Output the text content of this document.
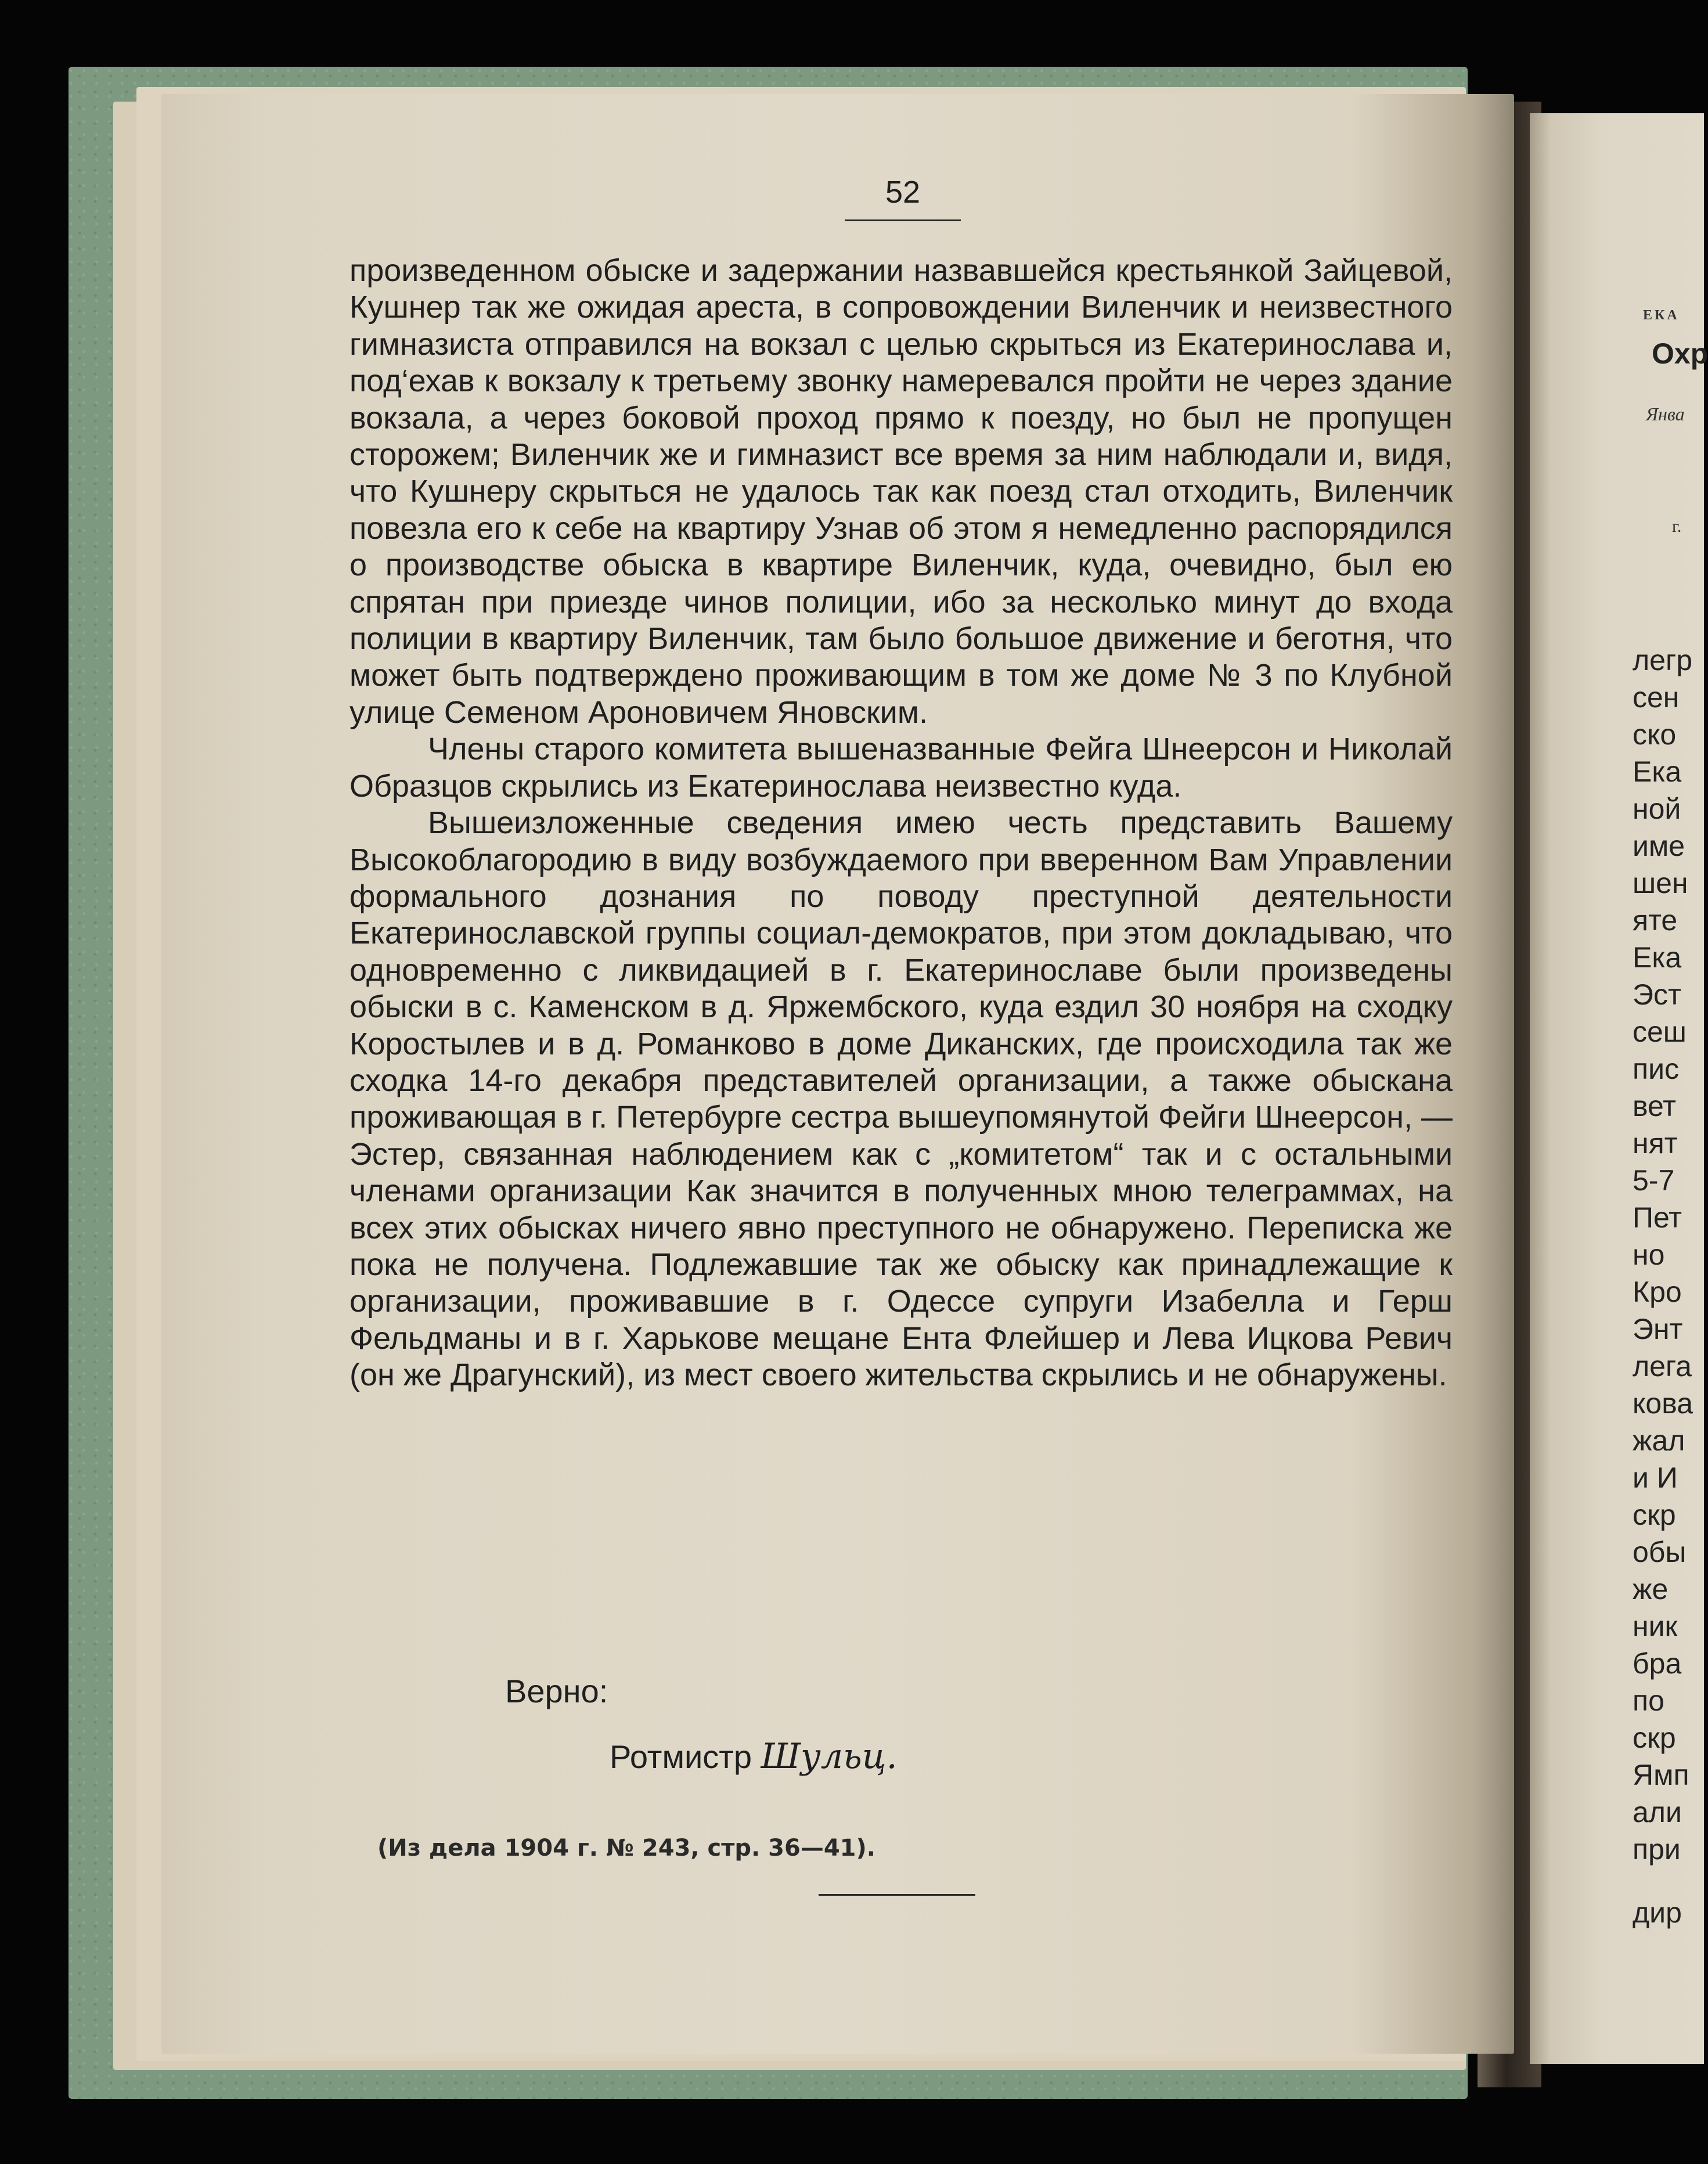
52

произведенном обыске и задержании назвавшейся крестьянкой Зайцевой, Кушнер так же ожидая ареста, в сопровождении Виленчик и неизвестного гимназиста отправился на вокзал с целью скрыться из Екатеринослава и, под‘ехав к вокзалу к третьему звонку намеревался пройти не через здание вокзала, а через боковой проход прямо к поезду, но был не пропущен сторожем; Виленчик же и гимназист все время за ним наблюдали и, видя, что Кушнеру скрыться не удалось так как поезд стал отходить, Виленчик повезла его к себе на квартиру Узнав об этом я немедленно распорядился о производстве обыска в квартире Виленчик, куда, очевидно, был ею спрятан при приезде чинов полиции, ибо за несколько минут до входа полиции в квартиру Виленчик, там было большое движение и беготня, что может быть подтверждено проживающим в том же доме № 3 по Клубной улице Семеном Ароновичем Яновским.

Члены старого комитета вышеназванные Фейга Шнеерсон и Николай Образцов скрылись из Екатеринослава неизвестно куда.

Вышеизложенные сведения имею честь представить Вашему Высокоблагородию в виду возбуждаемого при вверенном Вам Управлении формального дознания по поводу преступной деятельности Екатеринославской группы социал-демократов, при этом докладываю, что одновременно с ликвидацией в г. Екатеринославе были произведены обыски в с. Каменском в д. Яржембского, куда ездил 30 ноября на сходку Коростылев и в д. Романково в доме Диканских, где происходила так же сходка 14-го декабря представителей организации, а также обыскана проживающая в г. Петербурге сестра вышеупомянутой Фейги Шнеерсон, —Эстер, связанная наблюдением как с „комитетом“ так и с остальными членами организации Как значится в полученных мною телеграммах, на всех этих обысках ничего явно преступного не обнаружено. Переписка же пока не получена. Подлежавшие так же обыску как принадлежащие к организации, проживавшие в г. Одессе супруги Изабелла и Герш Фельдманы и в г. Харькове мещане Ента Флейшер и Лева Ицкова Ревич (он же Драгунский), из мест своего жительства скрылись и не обнаружены.

Верно:
Ротмистр Шульц.
(Из дела 1904 г. № 243, стр. 36—41).
ЕКА
Охр
Янва
г.
легр
сен
ско
Ека
ной
име
шен
яте
Ека
Эст
сеш
пис
вет
нят
5-7
Пет
но
Кро
Энт
лега
кова
жал
и И
скр
обы
же
ник
бра
по
скр
Ямп
али
при
дир
